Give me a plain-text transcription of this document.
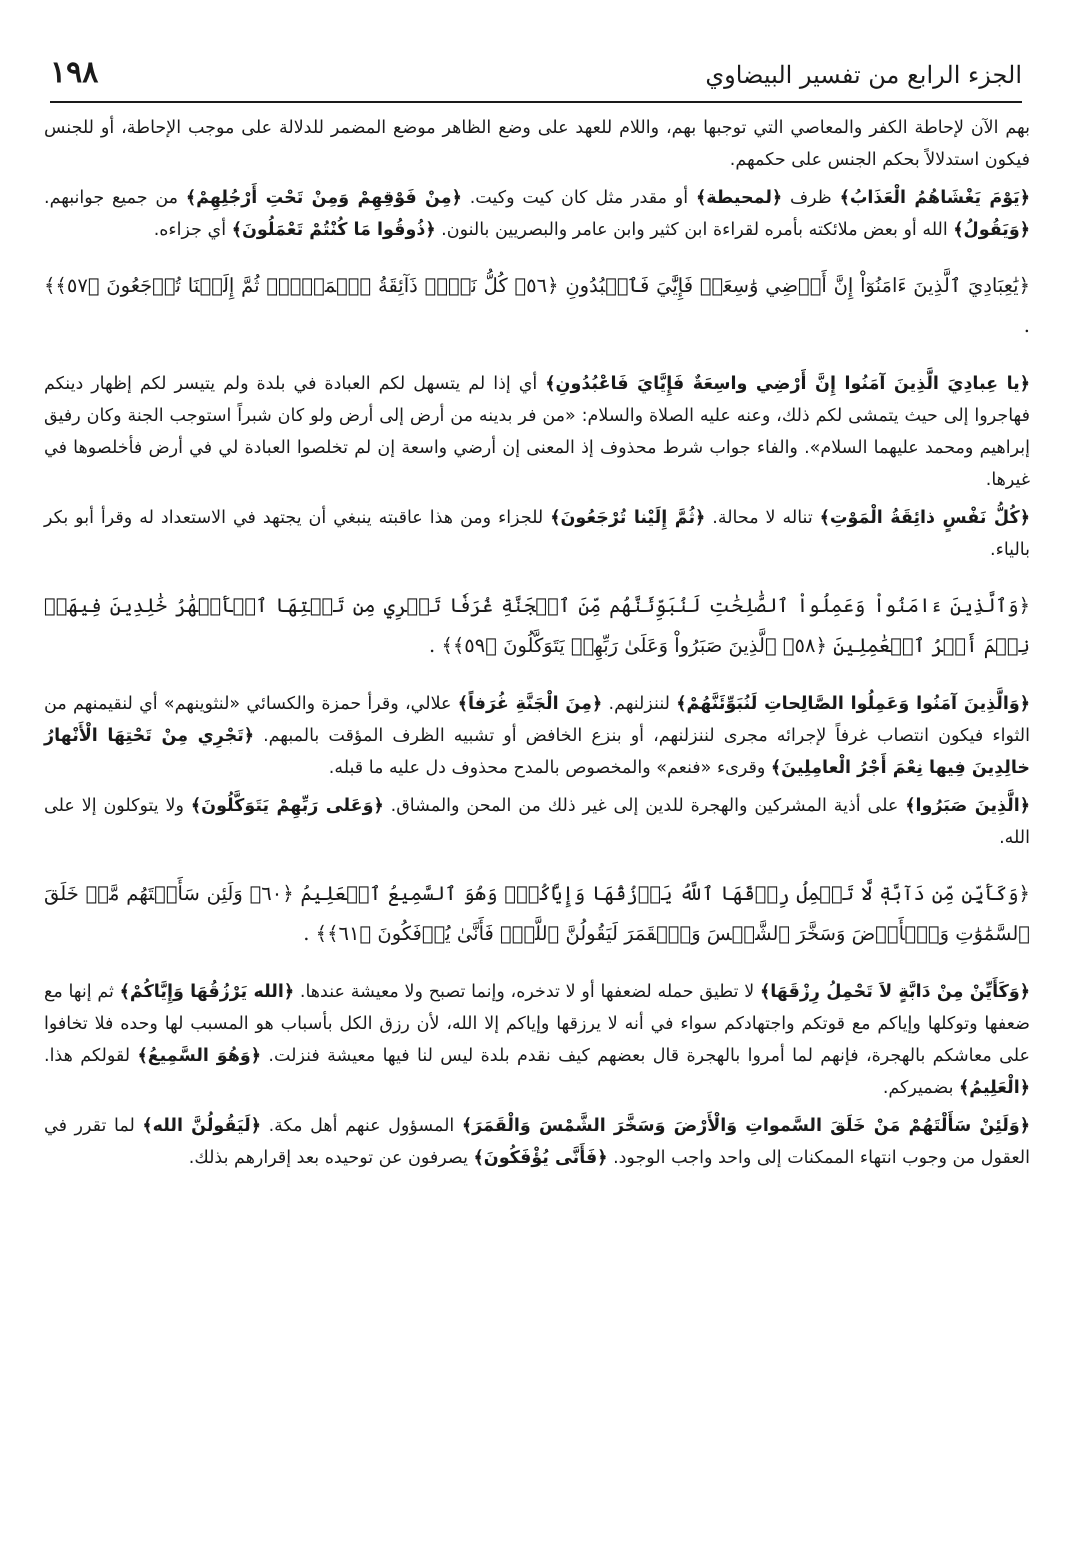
١٩٨	الجزء الرابع من تفسير البيضاوي

بهم الآن لإحاطة الكفر والمعاصي التي توجبها بهم، واللام للعهد على وضع الظاهر موضع المضمر للدلالة على موجب الإحاطة، أو للجنس فيكون استدلالاً بحكم الجنس على حكمهم.

﴿يَوْمَ يَغْشَاهُمُ الْعَذَابُ﴾ ظرف ﴿لمحيطة﴾ أو مقدر مثل كان كيت وكيت. ﴿مِنْ فَوْقِهِمْ وَمِنْ تَحْتِ أَرْجُلِهِمْ﴾ من جميع جوانبهم. ﴿وَيَقُولُ﴾ الله أو بعض ملائكته بأمره لقراءة ابن كثير وابن عامر والبصريين بالنون. ﴿ذُوقُوا مَا كُنْتُمْ تَعْمَلُونَ﴾ أي جزاءه.

﴿يَٰعِبَادِيَ ٱلَّذِينَ ءَامَنُوٓاْ إِنَّ أَرۡضِي وَٰسِعَةٞ فَإِيَّٰيَ فَٱعۡبُدُونِ ﴿٥٦﴾ كُلُّ نَفۡسٖ ذَآئِقَةُ ٱلۡمَوۡتِۖ ثُمَّ إِلَيۡنَا تُرۡجَعُونَ ﴿٥٧﴾﴾ .

﴿يا عِبادِيَ الَّذِينَ آمَنُوا إِنَّ أَرْضِي واسِعَةٌ فَإِيَّايَ فَاعْبُدُونِ﴾ أي إذا لم يتسهل لكم العبادة في بلدة ولم يتيسر لكم إظهار دينكم فهاجروا إلى حيث يتمشى لكم ذلك، وعنه عليه الصلاة والسلام: «من فر بدينه من أرض إلى أرض ولو كان شبراً استوجب الجنة وكان رفيق إبراهيم ومحمد عليهما السلام». والفاء جواب شرط محذوف إذ المعنى إن أرضي واسعة إن لم تخلصوا العبادة لي في أرض فأخلصوها في غيرها.

﴿كُلُّ نَفْسٍ ذائِقَةُ الْمَوْتِ﴾ تناله لا محالة. ﴿ثُمَّ إِلَيْنا تُرْجَعُونَ﴾ للجزاء ومن هذا عاقبته ينبغي أن يجتهد في الاستعداد له وقرأ أبو بكر بالياء.

﴿وَٱلَّذِينَ ءَامَنُواْ وَعَمِلُواْ ٱلصَّٰلِحَٰتِ لَنُبَوِّئَنَّهُم مِّنَ ٱلۡجَنَّةِ غُرَفٗا تَجۡرِي مِن تَحۡتِهَا ٱلۡأَنۡهَٰرُ خَٰلِدِينَ فِيهَاۚ نِعۡمَ أَجۡرُ ٱلۡعَٰمِلِينَ ﴿٥٨﴾ ٱلَّذِينَ صَبَرُواْ وَعَلَىٰ رَبِّهِمۡ يَتَوَكَّلُونَ ﴿٥٩﴾﴾ .

﴿وَالَّذِينَ آمَنُوا وَعَمِلُوا الصَّالِحاتِ لَنُبَوِّئَنَّهُمْ﴾ لننزلنهم. ﴿مِنَ الْجَنَّةِ غُرَفاً﴾ علالي، وقرأ حمزة والكسائي «لنثوينهم» أي لنقيمنهم من الثواء فيكون انتصاب غرفاً لإجرائه مجرى لننزلنهم، أو بنزع الخافض أو تشبيه الظرف المؤقت بالمبهم. ﴿تَجْرِي مِنْ تَحْتِهَا الْأَنْهارُ خالِدِينَ فِيها نِعْمَ أَجْرُ الْعامِلِينَ﴾ وقرىء «فنعم» والمخصوص بالمدح محذوف دل عليه ما قبله.

﴿الَّذِينَ صَبَرُوا﴾ على أذية المشركين والهجرة للدين إلى غير ذلك من المحن والمشاق. ﴿وَعَلى رَبِّهِمْ يَتَوَكَّلُونَ﴾ ولا يتوكلون إلا على الله.

﴿وَكَأَيِّن مِّن دَآبَّةٖ لَّا تَحۡمِلُ رِزۡقَهَا ٱللَّهُ يَرۡزُقُهَا وَإِيَّاكُمۡۚ وَهُوَ ٱلسَّمِيعُ ٱلۡعَلِيمُ ﴿٦٠﴾ وَلَئِن سَأَلۡتَهُم مَّنۡ خَلَقَ ٱلسَّمَٰوَٰتِ وَٱلۡأَرۡضَ وَسَخَّرَ ٱلشَّمۡسَ وَٱلۡقَمَرَ لَيَقُولُنَّ ٱللَّهُۖ فَأَنَّىٰ يُؤۡفَكُونَ ﴿٦١﴾﴾ .

﴿وَكَأَيِّنْ مِنْ دَابَّةٍ لاَ تَحْمِلُ رِزْقَهَا﴾ لا تطيق حمله لضعفها أو لا تدخره، وإنما تصبح ولا معيشة عندها. ﴿الله يَرْزُقُهَا وَإِيَّاكُمْ﴾ ثم إنها مع ضعفها وتوكلها وإياكم مع قوتكم واجتهادكم سواء في أنه لا يرزقها وإياكم إلا الله، لأن رزق الكل بأسباب هو المسبب لها وحده فلا تخافوا على معاشكم بالهجرة، فإنهم لما أمروا بالهجرة قال بعضهم كيف نقدم بلدة ليس لنا فيها معيشة فنزلت. ﴿وَهُوَ السَّمِيعُ﴾ لقولكم هذا. ﴿الْعَلِيمُ﴾ بضميركم.

﴿وَلَئِنْ سَأَلْتَهُمْ مَنْ خَلَقَ السَّمواتِ وَالْأَرْضَ وَسَخَّرَ الشَّمْسَ وَالْقَمَرَ﴾ المسؤول عنهم أهل مكة. ﴿لَيَقُولُنَّ الله﴾ لما تقرر في العقول من وجوب انتهاء الممكنات إلى واحد واجب الوجود. ﴿فَأَنَّى يُؤْفَكُونَ﴾ يصرفون عن توحيده بعد إقرارهم بذلك.
